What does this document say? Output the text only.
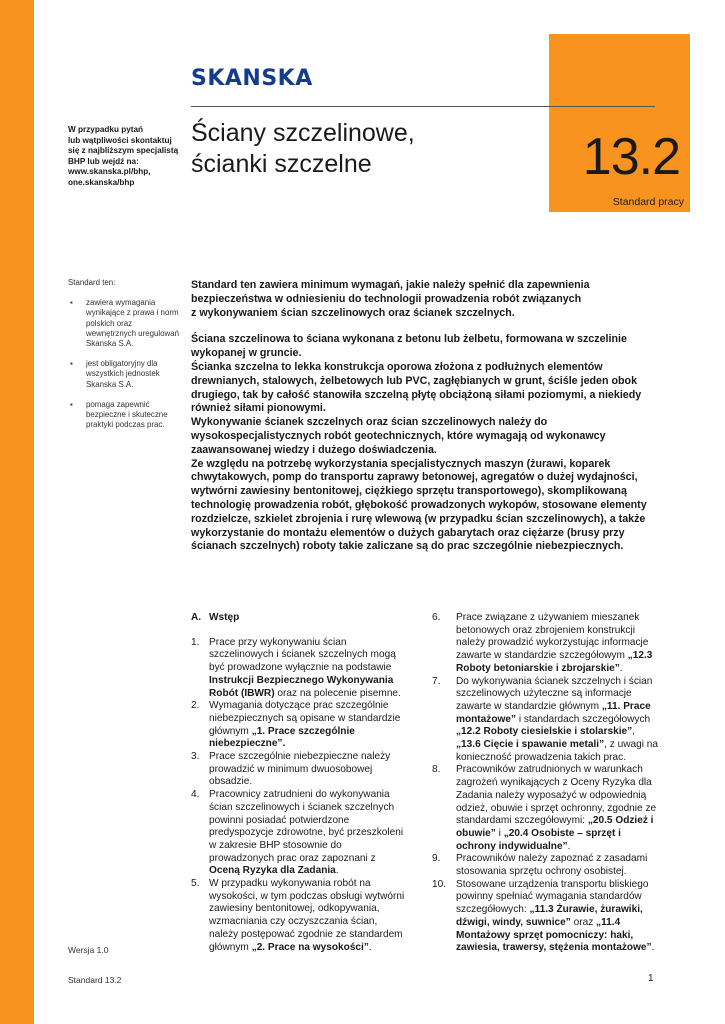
13.2
Standard pracy
SKANSKA
W przypadku pytań
lub wątpliwości skontaktuj
się z najbliższym specjalistą
BHP lub wejdź na:
www.skanska.pl/bhp,
one.skanska/bhp
Ściany szczelinowe,
ścianki szczelne
Standard ten:
▪ zawiera wymagania wynikające z prawa i norm polskich oraz wewnętrznych uregulowań Skanska S.A.
▪ jest obligatoryjny dla wszystkich jednostek Skanska S.A.
▪ pomaga zapewnić bezpieczne i skuteczne praktyki podczas prac.

Standard ten zawiera minimum wymagań, jakie należy spełnić dla zapewnienia
bezpieczeństwa w odniesieniu do technologii prowadzenia robót związanych
z wykonywaniem ścian szczelinowych oraz ścianek szczelnych.

Ściana szczelinowa to ściana wykonana z betonu lub żelbetu, formowana w szczelinie
wykopanej w gruncie.

Ścianka szczelna to lekka konstrukcja oporowa złożona z podłużnych elementów
drewnianych, stalowych, żelbetowych lub PVC, zagłębianych w grunt, ściśle jeden obok
drugiego, tak by całość stanowiła szczelną płytę obciążoną siłami poziomymi, a niekiedy
również siłami pionowymi.

Wykonywanie ścianek szczelnych oraz ścian szczelinowych należy do
wysokospecjalistycznych robót geotechnicznych, które wymagają od wykonawcy
zaawansowanej wiedzy i dużego doświadczenia.

Ze względu na potrzebę wykorzystania specjalistycznych maszyn (żurawi, koparek
chwytakowych, pomp do transportu zaprawy betonowej, agregatów o dużej wydajności,
wytwórni zawiesiny bentonitowej, ciężkiego sprzętu transportowego), skomplikowaną
technologię prowadzenia robót, głębokość prowadzonych wykopów, stosowane elementy
rozdzielcze, szkielet zbrojenia i rurę wlewową (w przypadku ścian szczelinowych), a także
wykorzystanie do montażu elementów o dużych gabarytach oraz ciężarze (brusy przy
ścianach szczelnych) roboty takie zaliczane są do prac szczególnie niebezpiecznych.

A. Wstęp
1. Prace przy wykonywaniu ścian szczelinowych i ścianek szczelnych mogą być prowadzone wyłącznie na podstawie Instrukcji Bezpiecznego Wykonywania Robót (IBWR) oraz na polecenie pisemne.
2. Wymagania dotyczące prac szczególnie niebezpiecznych są opisane w standardzie głównym „1. Prace szczególnie niebezpieczne”.
3. Prace szczególnie niebezpieczne należy prowadzić w minimum dwuosobowej obsadzie.
4. Pracownicy zatrudnieni do wykonywania ścian szczelinowych i ścianek szczelnych powinni posiadać potwierdzone predyspozycje zdrowotne, być przeszkoleni w zakresie BHP stosownie do prowadzonych prac oraz zapoznani z Oceną Ryzyka dla Zadania.
5. W przypadku wykonywania robót na wysokości, w tym podczas obsługi wytwórni zawiesiny bentonitowej, odkopywania, wzmacniania czy oczyszczania ścian, należy postępować zgodnie ze standardem głównym „2. Prace na wysokości”.
6.	Prace związane z używaniem mieszanek betonowych oraz zbrojeniem konstrukcji należy prowadzić wykorzystując informacje zawarte w standardzie szczegółowym „12.3 Roboty betoniarskie i zbrojarskie”.
7.	Do wykonywania ścianek szczelnych i ścian szczelinowych użyteczne są informacje zawarte w standardzie głównym „11. Prace montażowe” i standardach szczegółowych „12.2 Roboty ciesielskie i stolarskie”, „13.6 Cięcie i spawanie metali”, z uwagi na konieczność prowadzenia takich prac.
8.	Pracowników zatrudnionych w warunkach zagrożeń wynikających z Oceny Ryzyka dla Zadania należy wyposażyć w odpowiednią odzież, obuwie i sprzęt ochronny, zgodnie ze standardami szczegółowymi: „20.5 Odzież i obuwie” i „20.4 Osobiste – sprzęt i ochrony indywidualne”.
9.	Pracowników należy zapoznać z zasadami stosowania sprzętu ochrony osobistej.
10. Stosowane urządzenia transportu bliskiego powinny spełniać wymagania standardów szczegółowych: „11.3 Żurawie, żurawiki, dźwigi, windy, suwnice” oraz „11.4 Montażowy sprzęt pomocniczy: haki, zawiesia, trawersy, stężenia montażowe”.
Wersja 1.0
Standard 13.2	1
